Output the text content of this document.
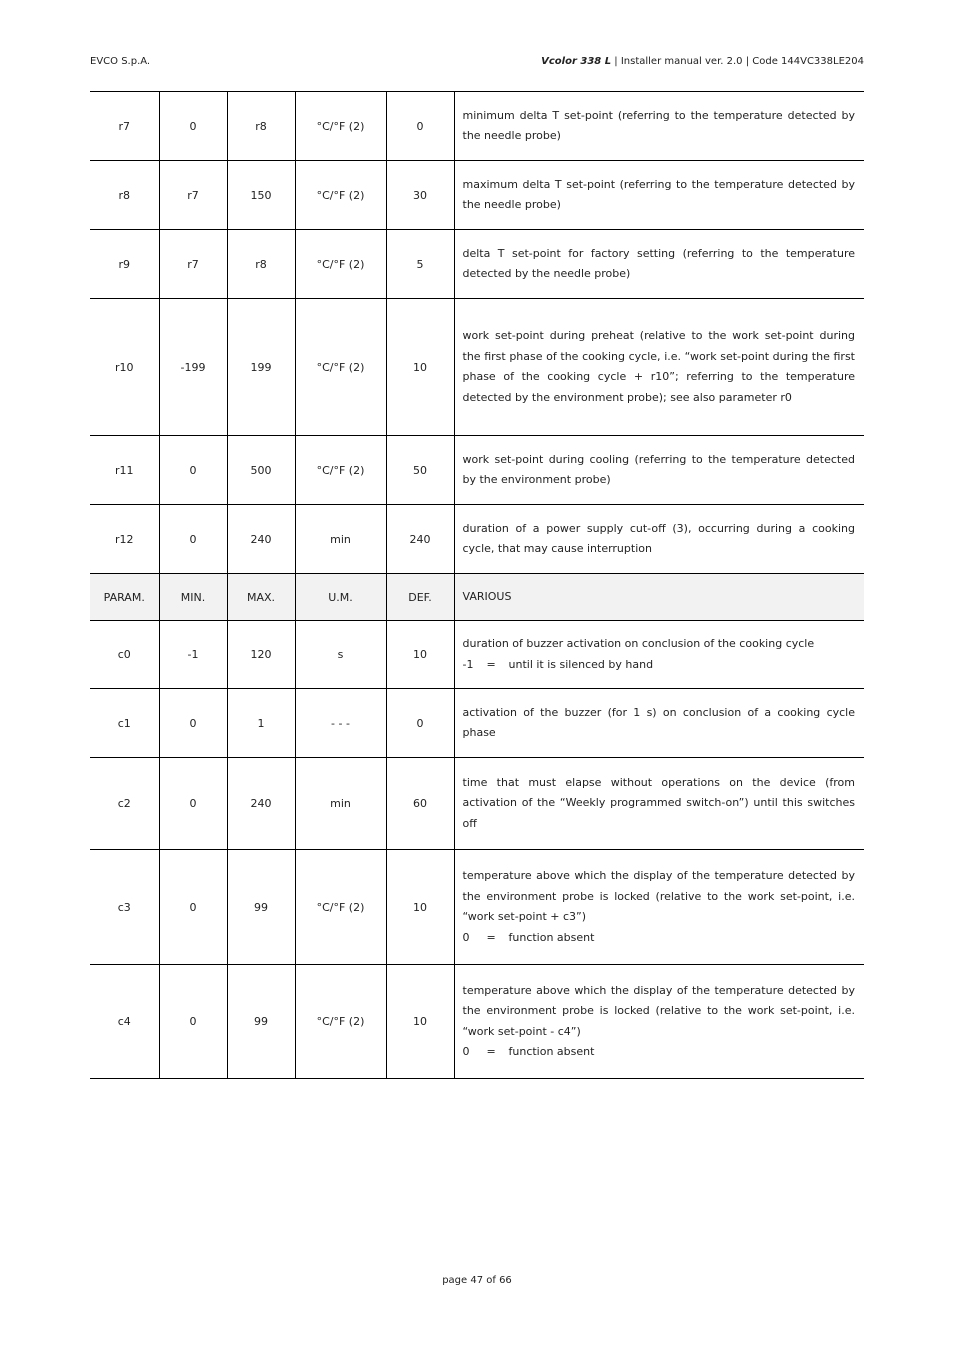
EVCO S.p.A.	Vcolor 338 L | Installer manual ver. 2.0 | Code 144VC338LE204
r7	0	r8	°C/°F (2)	0	minimum delta T set-point (referring to the temperature detected by the needle probe)
r8	r7	150	°C/°F (2)	30	maximum delta T set-point (referring to the temperature detected by the needle probe)
r9	r7	r8	°C/°F (2)	5	delta T set-point for factory setting (referring to the temperature detected by the needle probe)
r10	-199	199	°C/°F (2)	10	work set-point during preheat (relative to the work set-point during the first phase of the cooking cycle, i.e. “work set-point during the first phase of the cooking cycle + r10”; referring to the temperature detected by the environment probe); see also parameter r0
r11	0	500	°C/°F (2)	50	work set-point during cooling (referring to the temperature detected by the environment probe)
r12	0	240	min	240	duration of a power supply cut-off (3), occurring during a cooking cycle, that may cause interruption
PARAM.	MIN.	MAX.	U.M.	DEF.	VARIOUS
c0	-1	120	s	10	duration of buzzer activation on conclusion of the cooking cycle
-1 = until it is silenced by hand

c1	0	1	- - -	0	activation of the buzzer (for 1 s) on conclusion of a cooking cycle phase
c2	0	240	min	60	time that must elapse without operations on the device (from activation of the “Weekly programmed switch-on”) until this switches off
c3	0	99	°C/°F (2)	10	temperature above which the display of the temperature detected by the environment probe is locked (relative to the work set-point, i.e. “work set-point + c3”)
0 = function absent

c4	0	99	°C/°F (2)	10	temperature above which the display of the temperature detected by the environment probe is locked (relative to the work set-point, i.e. “work set-point - c4”)
0 = function absent
page 47 of 66
